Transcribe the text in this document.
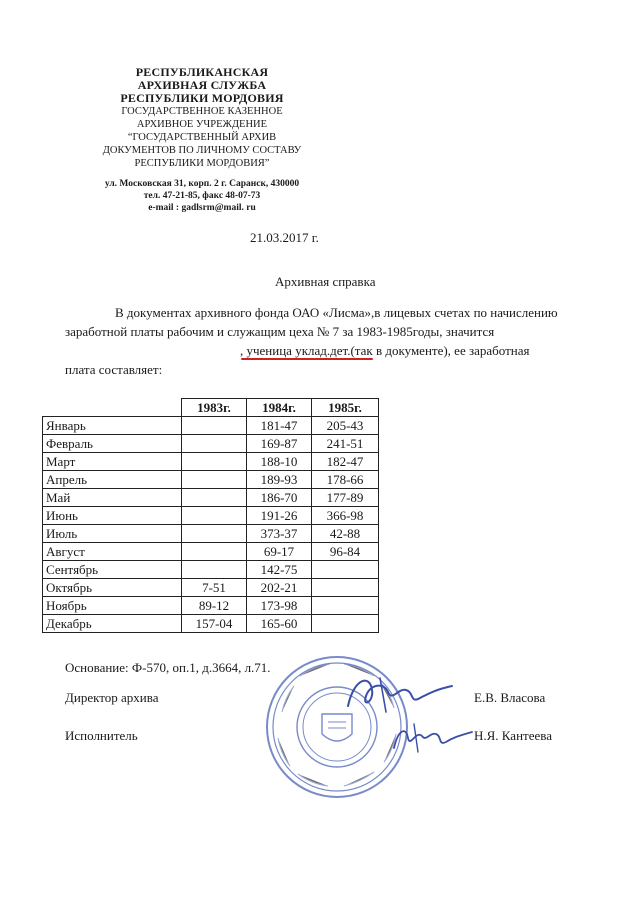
РЕСПУБЛИКАНСКАЯ
АРХИВНАЯ СЛУЖБА
РЕСПУБЛИКИ МОРДОВИЯ
ГОСУДАРСТВЕННОЕ КАЗЕННОЕ
АРХИВНОЕ УЧРЕЖДЕНИЕ
“ГОСУДАРСТВЕННЫЙ АРХИВ
ДОКУМЕНТОВ ПО ЛИЧНОМУ СОСТАВУ
РЕСПУБЛИКИ МОРДОВИЯ”
ул. Московская 31, корп. 2 г. Саранск, 430000
тел. 47-21-85, факс 48-07-73
e-mail : gadlsrm@mail. ru
21.03.2017 г.
Архивная справка
В документах архивного фонда ОАО «Лисма»,в лицевых счетах по начислению
заработной платы рабочим и служащим цеха № 7 за 1983-1985годы, значится
, ученица уклад.дет.(так в документе), ее заработная
плата составляет:
	1983г.	1984г.	1985г.
Январь		181-47	205-43
Февраль		169-87	241-51
Март		188-10	182-47
Апрель		189-93	178-66
Май		186-70	177-89
Июнь		191-26	366-98
Июль		373-37	42-88
Август		69-17	96-84
Сентябрь		142-75	
Октябрь	7-51	202-21	
Ноябрь	89-12	173-98	
Декабрь	157-04	165-60	
Основание: Ф-570, оп.1, д.3664, л.71.
Директор архива	Е.В. Власова
Исполнитель	Н.Я. Кантеева
